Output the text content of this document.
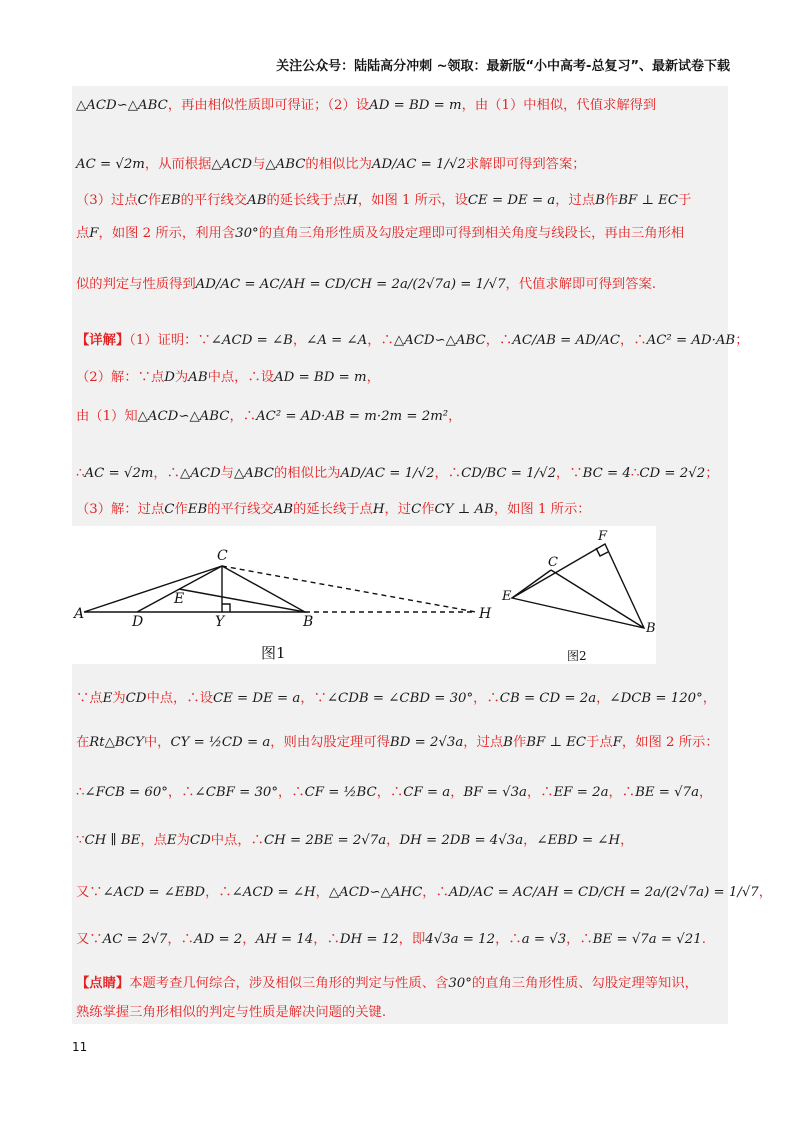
关注公众号：陆陆高分冲刺 ~领取：最新版“小中高考-总复习”、最新试卷下载
△ACD∽△ABC，再由相似性质即可得证；（2）设AD = BD = m，由（1）中相似，代值求解得到
AC = √2m，从而根据△ACD与△ABC的相似比为AD/AC = 1/√2求解即可得到答案；
（3）过点C作EB的平行线交AB的延长线于点H，如图 1 所示，设CE = DE = a，过点B作BF ⊥ EC于
点F，如图 2 所示，利用含30°的直角三角形性质及勾股定理即可得到相关角度与线段长，再由三角形相
似的判定与性质得到AD/AC = AC/AH = CD/CH = 2a/(2√7a) = 1/√7，代值求解即可得到答案.
【详解】（1）证明：∵∠ACD = ∠B，∠A = ∠A，∴△ACD∽△ABC，∴AC/AB = AD/AC，∴AC² = AD·AB；
（2）解：∵点D为AB中点，∴设AD = BD = m，
由（1）知△ACD∽△ABC，∴AC² = AD·AB = m·2m = 2m²，
∴AC = √2m，∴△ACD与△ABC的相似比为AD/AC = 1/√2，∴CD/BC = 1/√2，∵BC = 4∴CD = 2√2；
（3）解：过点C作EB的平行线交AB的延长线于点H，过C作CY ⊥ AB，如图 1 所示：
A	B
C
D
E
Y	H
图1
C
E
F
B
图2
∵点E为CD中点，∴设CE = DE = a，∵∠CDB = ∠CBD = 30°，∴CB = CD = 2a，∠DCB = 120°，
在Rt△BCY中，CY = ½CD = a，则由勾股定理可得BD = 2√3a，过点B作BF ⊥ EC于点F，如图 2 所示：
∴∠FCB = 60°，∴∠CBF = 30°，∴CF = ½BC，∴CF = a，BF = √3a，∴EF = 2a，∴BE = √7a，
∵CH ∥ BE，点E为CD中点，∴CH = 2BE = 2√7a，DH = 2DB = 4√3a，∠EBD = ∠H，
又∵∠ACD = ∠EBD，∴∠ACD = ∠H，△ACD∽△AHC，∴AD/AC = AC/AH = CD/CH = 2a/(2√7a) = 1/√7，
又∵AC = 2√7，∴AD = 2，AH = 14，∴DH = 12，即4√3a = 12，∴a = √3，∴BE = √7a = √21.
【点睛】本题考查几何综合，涉及相似三角形的判定与性质、含30°的直角三角形性质、勾股定理等知识，
熟练掌握三角形相似的判定与性质是解决问题的关键.
11
